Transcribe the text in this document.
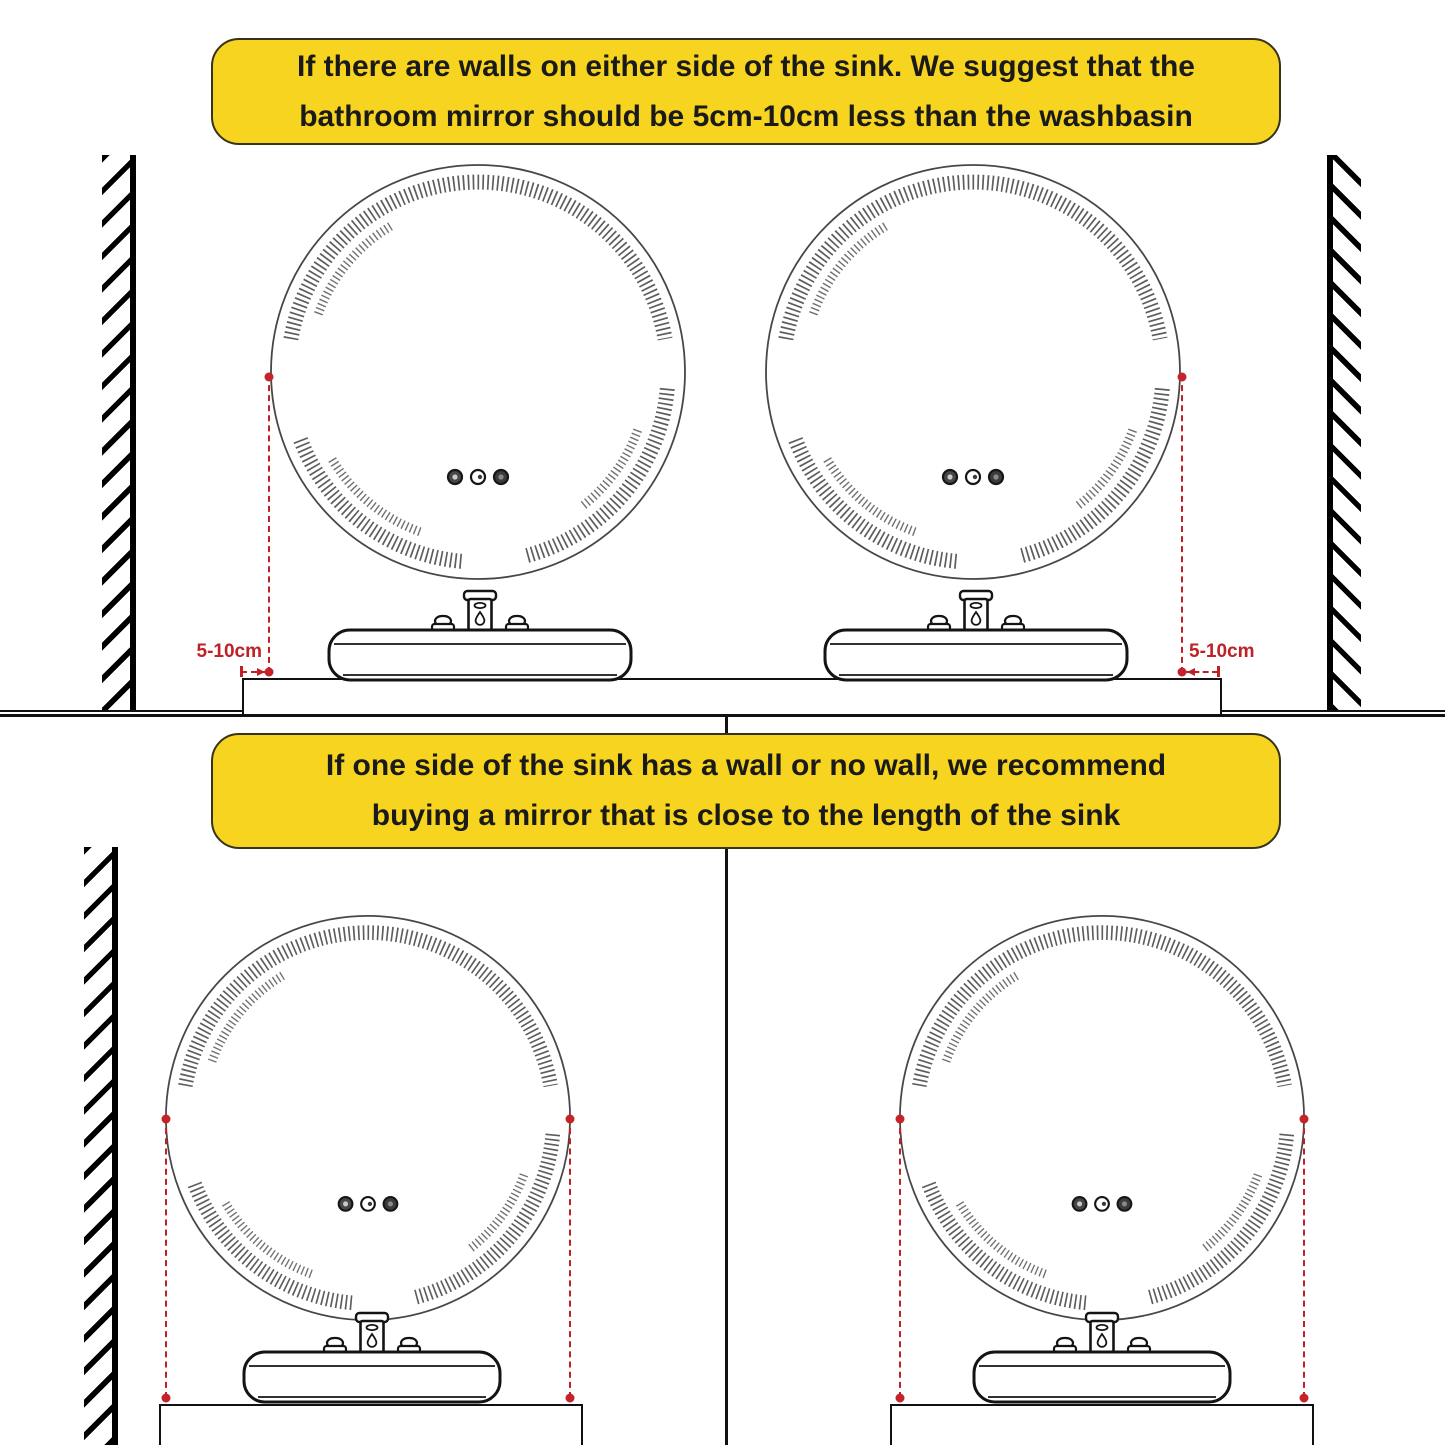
If there are walls on either side of the sink. We suggest that the
bathroom mirror should be 5cm-10cm less than the washbasin
5-10cm	5-10cm
If one side of the sink has a wall or no wall, we recommend
buying a mirror that is close to the length of the sink
